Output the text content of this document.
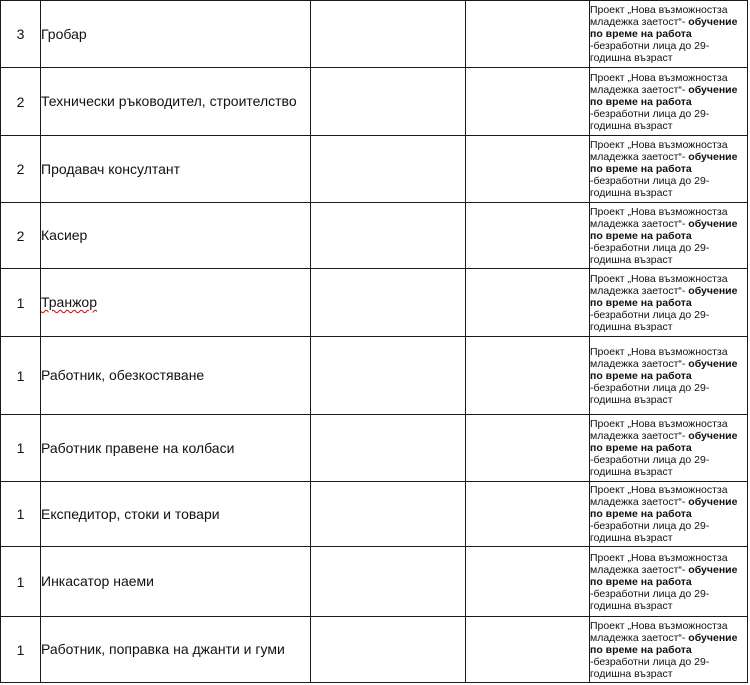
3	Гробар			Проект „Нова възможностза младежка заетост“- обучение по време на работа -безработни лица до 29-годишна възраст
2	Технически ръководител, строителство			Проект „Нова възможностза младежка заетост“- обучение по време на работа -безработни лица до 29-годишна възраст
2	Продавач консултант			Проект „Нова възможностза младежка заетост“- обучение по време на работа -безработни лица до 29-годишна възраст
2	Касиер			Проект „Нова възможностза младежка заетост“- обучение по време на работа -безработни лица до 29-годишна възраст
1	Транжор			Проект „Нова възможностза младежка заетост“- обучение по време на работа -безработни лица до 29-годишна възраст
1	Работник, обезкостяване			Проект „Нова възможностза младежка заетост“- обучение по време на работа -безработни лица до 29-годишна възраст
1	Работник правене на колбаси			Проект „Нова възможностза младежка заетост“- обучение по време на работа -безработни лица до 29-годишна възраст
1	Експедитор, стоки и товари			Проект „Нова възможностза младежка заетост“- обучение по време на работа -безработни лица до 29-годишна възраст
1	Инкасатор наеми			Проект „Нова възможностза младежка заетост“- обучение по време на работа -безработни лица до 29-годишна възраст
1	Работник, поправка на джанти и гуми			Проект „Нова възможностза младежка заетост“- обучение по време на работа -безработни лица до 29-годишна възраст
